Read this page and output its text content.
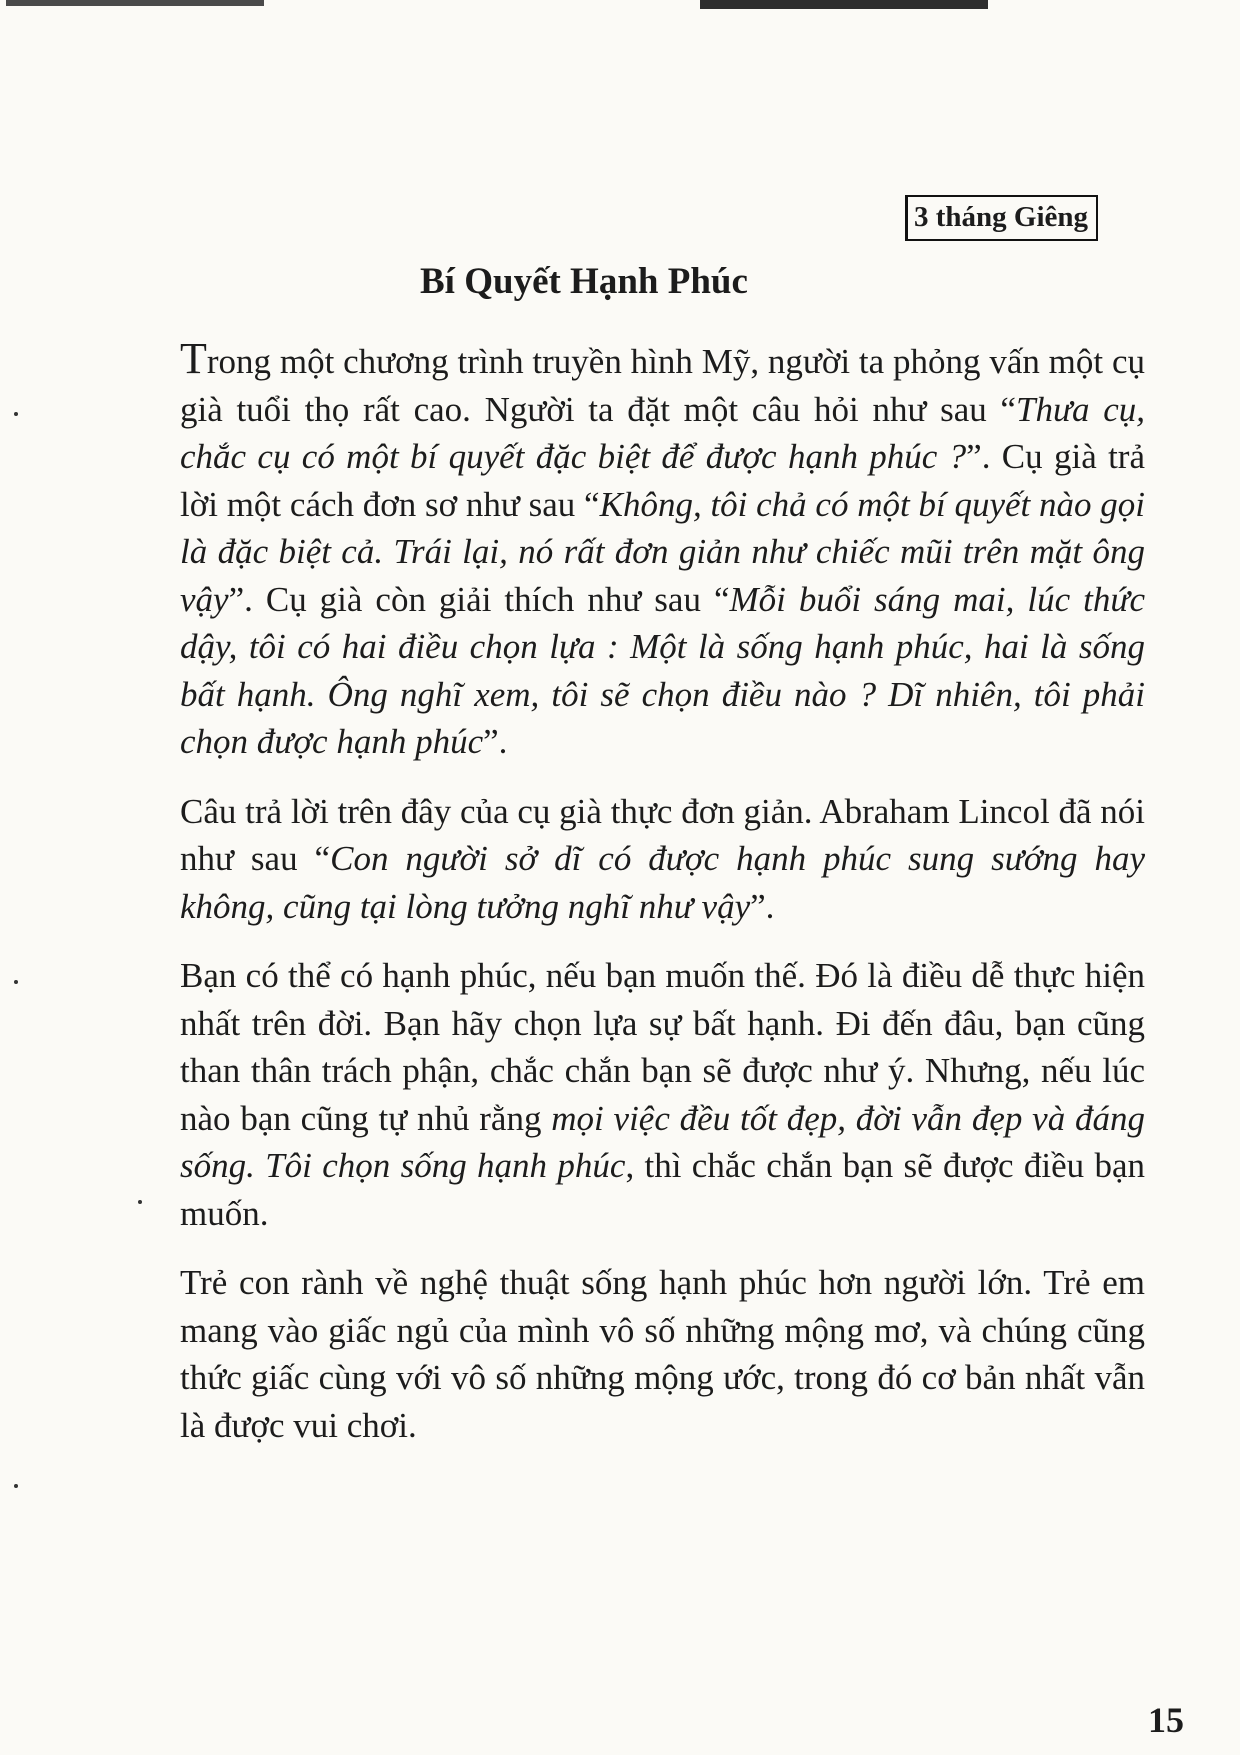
3 tháng Giêng
Bí Quyết Hạnh Phúc

Trong một chương trình truyền hình Mỹ, người ta phỏng vấn một cụ già tuổi thọ rất cao. Người ta đặt một câu hỏi như sau “Thưa cụ, chắc cụ có một bí quyết đặc biệt để được hạnh phúc ?”. Cụ già trả lời một cách đơn sơ như sau “Không, tôi chả có một bí quyết nào gọi là đặc biệt cả. Trái lại, nó rất đơn giản như chiếc mũi trên mặt ông vậy”. Cụ già còn giải thích như sau “Mỗi buổi sáng mai, lúc thức dậy, tôi có hai điều chọn lựa : Một là sống hạnh phúc, hai là sống bất hạnh. Ông nghĩ xem, tôi sẽ chọn điều nào ? Dĩ nhiên, tôi phải chọn được hạnh phúc”.

Câu trả lời trên đây của cụ già thực đơn giản. Abraham Lincol đã nói như sau “Con người sở dĩ có được hạnh phúc sung sướng hay không, cũng tại lòng tưởng nghĩ như vậy”.

Bạn có thể có hạnh phúc, nếu bạn muốn thế. Đó là điều dễ thực hiện nhất trên đời. Bạn hãy chọn lựa sự bất hạnh. Đi đến đâu, bạn cũng than thân trách phận, chắc chắn bạn sẽ được như ý. Nhưng, nếu lúc nào bạn cũng tự nhủ rằng mọi việc đều tốt đẹp, đời vẫn đẹp và đáng sống. Tôi chọn sống hạnh phúc, thì chắc chắn bạn sẽ được điều bạn muốn.

Trẻ con rành về nghệ thuật sống hạnh phúc hơn người lớn. Trẻ em mang vào giấc ngủ của mình vô số những mộng mơ, và chúng cũng thức giấc cùng với vô số những mộng ước, trong đó cơ bản nhất vẫn là được vui chơi.

15
